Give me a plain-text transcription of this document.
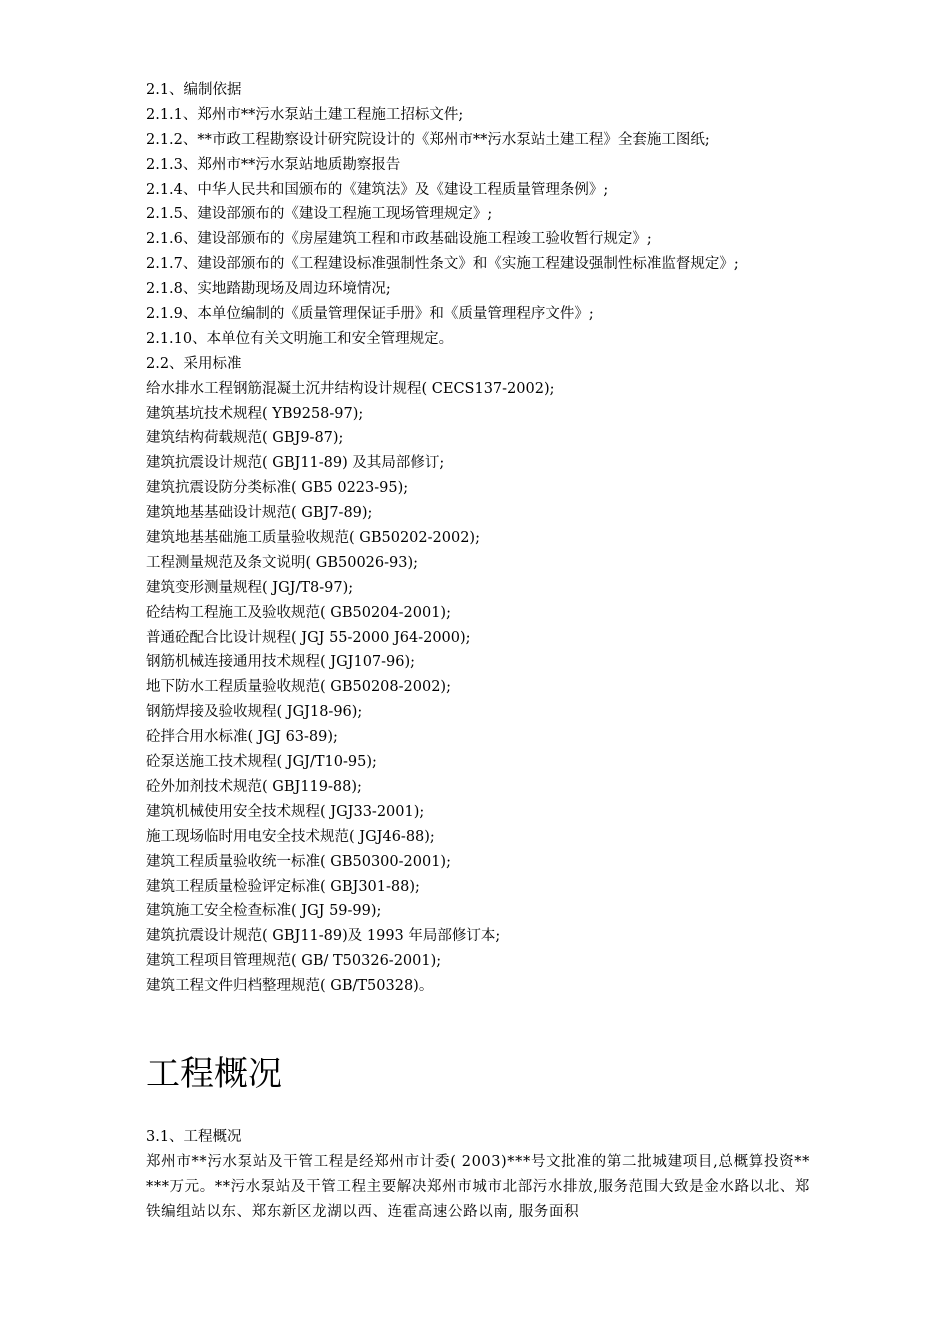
2.1、编制依据
2.1.1、郑州市**污水泵站土建工程施工招标文件;
2.1.2、**市政工程勘察设计研究院设计的《郑州市**污水泵站土建工程》全套施工图纸;
2.1.3、郑州市**污水泵站地质勘察报告
2.1.4、中华人民共和国颁布的《建筑法》及《建设工程质量管理条例》;
2.1.5、建设部颁布的《建设工程施工现场管理规定》;
2.1.6、建设部颁布的《房屋建筑工程和市政基础设施工程竣工验收暂行规定》;
2.1.7、建设部颁布的《工程建设标准强制性条文》和《实施工程建设强制性标准监督规定》;
2.1.8、实地踏勘现场及周边环境情况;
2.1.9、本单位编制的《质量管理保证手册》和《质量管理程序文件》;
2.1.10、本单位有关文明施工和安全管理规定。
2.2、采用标准
给水排水工程钢筋混凝土沉井结构设计规程( CECS137-2002);
建筑基坑技术规程( YB9258-97);
建筑结构荷载规范( GBJ9-87);
建筑抗震设计规范( GBJ11-89) 及其局部修订;
建筑抗震设防分类标准( GB5 0223-95);
建筑地基基础设计规范( GBJ7-89);
建筑地基基础施工质量验收规范( GB50202-2002);
工程测量规范及条文说明( GB50026-93);
建筑变形测量规程( JGJ/T8-97);
砼结构工程施工及验收规范( GB50204-2001);
普通砼配合比设计规程( JGJ 55-2000 J64-2000);
钢筋机械连接通用技术规程( JGJ107-96);
地下防水工程质量验收规范( GB50208-2002);
钢筋焊接及验收规程( JGJ18-96);
砼拌合用水标准( JGJ 63-89);
砼泵送施工技术规程( JGJ/T10-95);
砼外加剂技术规范( GBJ119-88);
建筑机械使用安全技术规程( JGJ33-2001);
施工现场临时用电安全技术规范( JGJ46-88);
建筑工程质量验收统一标准( GB50300-2001);
建筑工程质量检验评定标准( GBJ301-88);
建筑施工安全检查标准( JGJ 59-99);
建筑抗震设计规范( GBJ11-89)及 1993 年局部修订本;
建筑工程项目管理规范( GB/ T50326-2001);
建筑工程文件归档整理规范( GB/T50328)。
工程概况
3.1、工程概况
郑州市**污水泵站及干管工程是经郑州市计委( 2003)***号文批准的第二批城建项目,总概算投资*****万元。**污水泵站及干管工程主要解决郑州市城市北部污水排放,服务范围大致是金水路以北、郑铁编组站以东、郑东新区龙湖以西、连霍高速公路以南, 服务面积
